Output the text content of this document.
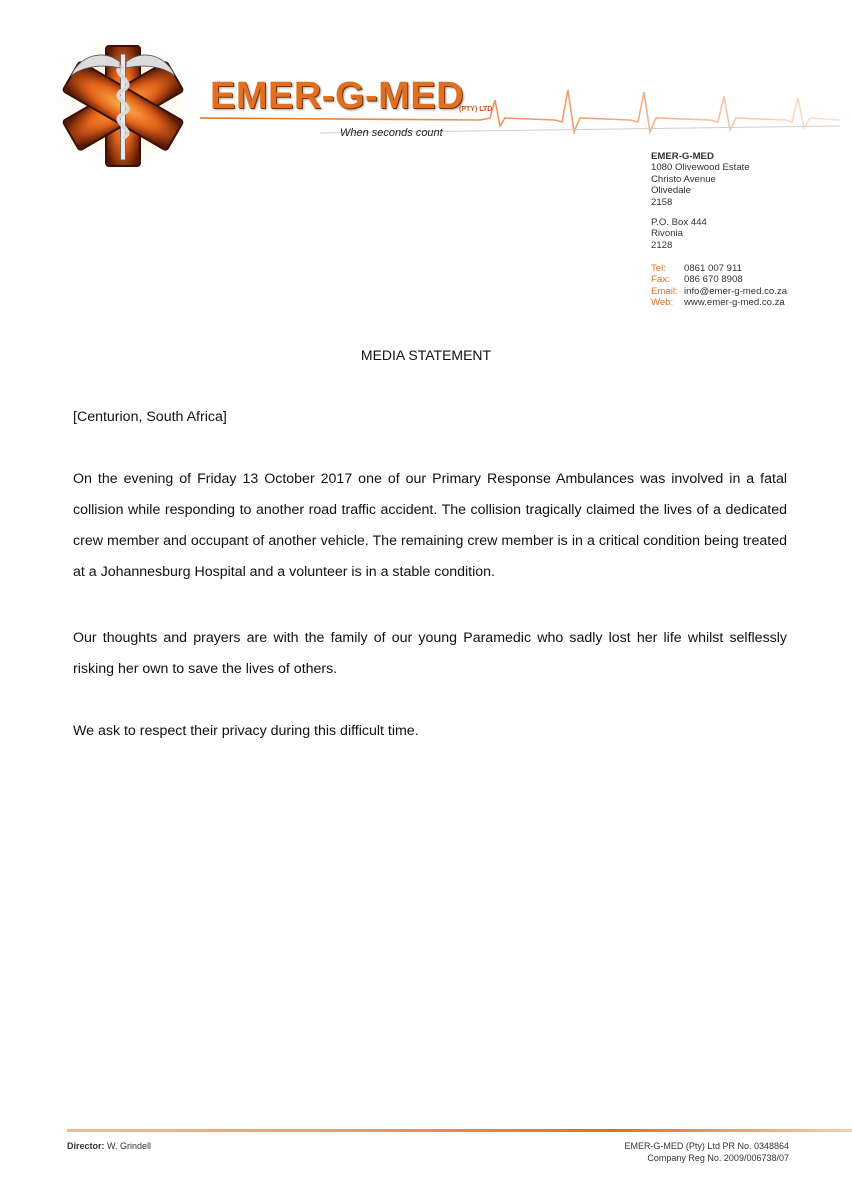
EMER-G-MED
(PTY) LTD
When seconds count
EMER-G-MED
1080 Olivewood Estate
Christo Avenue
Olivedale
2158
P.O. Box 444
Rivonia
2128
Tel:	0861 007 911
Fax:	086 670 8908
Email: info@emer-g-med.co.za
Web:	www.emer-g-med.co.za
MEDIA STATEMENT
[Centurion, South Africa]
On the evening of Friday 13 October 2017 one of our Primary Response Ambulances was involved in a fatal collision while responding to another road traffic accident. The collision tragically claimed the lives of a dedicated crew member and occupant of another vehicle. The remaining crew member is in a critical condition being treated at a Johannesburg Hospital and a volunteer is in a stable condition.
Our thoughts and prayers are with the family of our young Paramedic who sadly lost her life whilst selflessly risking her own to save the lives of others.
We ask to respect their privacy during this difficult time.
Director: W. Grindell	EMER-G-MED (Pty) Ltd PR No. 0348864
Company Reg No. 2009/006738/07
